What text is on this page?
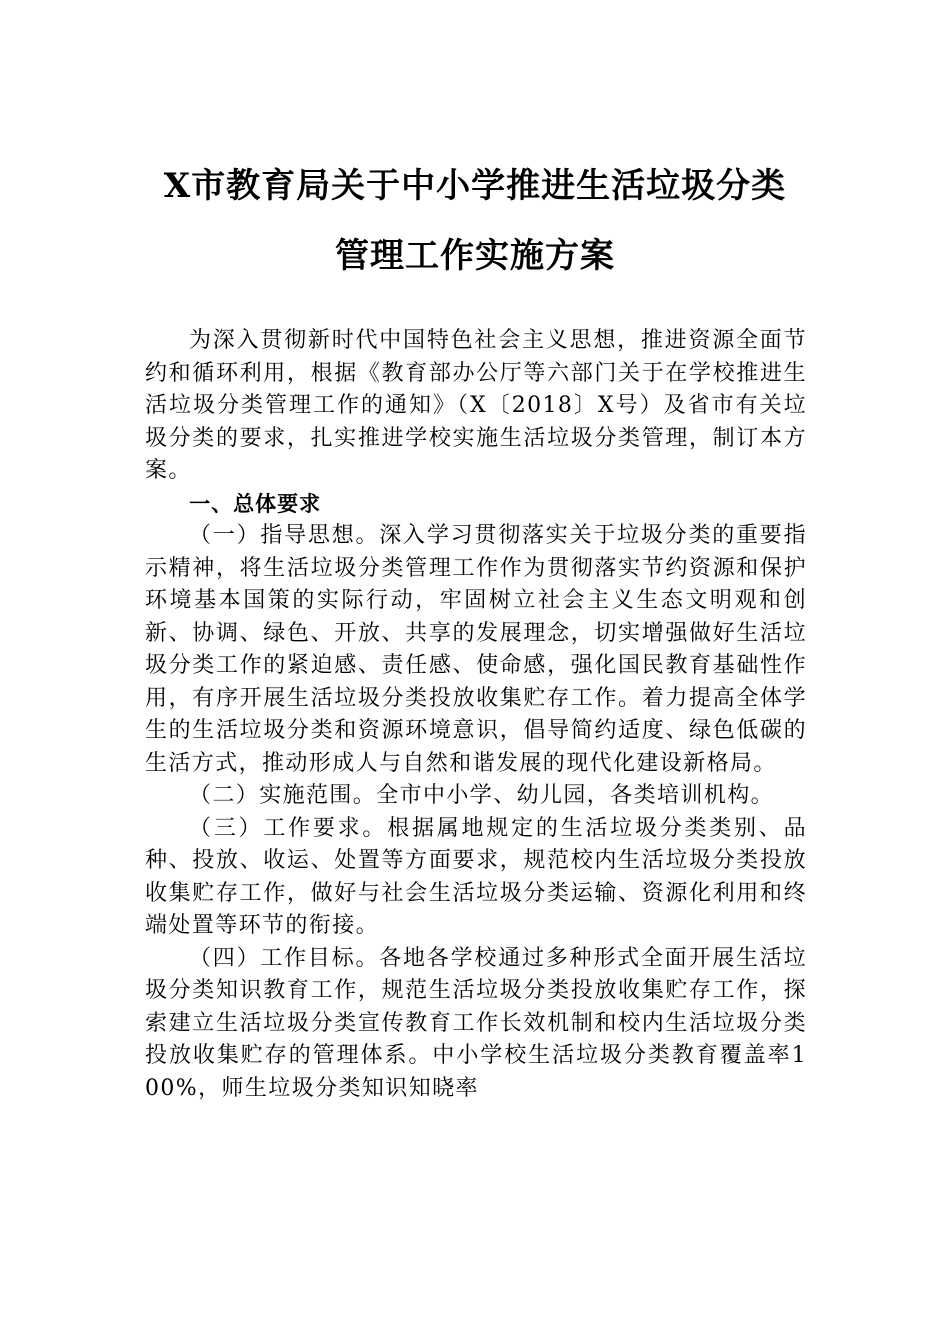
X市教育局关于中小学推进生活垃圾分类
管理工作实施方案

为深入贯彻新时代中国特色社会主义思想，推进资源全面节约和循环利用，根据《教育部办公厅等六部门关于在学校推进生活垃圾分类管理工作的通知》（X〔2018〕X号）及省市有关垃圾分类的要求，扎实推进学校实施生活垃圾分类管理，制订本方案。

一、总体要求

（一）指导思想。深入学习贯彻落实关于垃圾分类的重要指示精神，将生活垃圾分类管理工作作为贯彻落实节约资源和保护环境基本国策的实际行动，牢固树立社会主义生态文明观和创新、协调、绿色、开放、共享的发展理念，切实增强做好生活垃圾分类工作的紧迫感、责任感、使命感，强化国民教育基础性作用，有序开展生活垃圾分类投放收集贮存工作。着力提高全体学生的生活垃圾分类和资源环境意识，倡导简约适度、绿色低碳的生活方式，推动形成人与自然和谐发展的现代化建设新格局。

（二）实施范围。全市中小学、幼儿园，各类培训机构。

（三）工作要求。根据属地规定的生活垃圾分类类别、品种、投放、收运、处置等方面要求，规范校内生活垃圾分类投放收集贮存工作，做好与社会生活垃圾分类运输、资源化利用和终端处置等环节的衔接。

（四）工作目标。各地各学校通过多种形式全面开展生活垃圾分类知识教育工作，规范生活垃圾分类投放收集贮存工作，探索建立生活垃圾分类宣传教育工作长效机制和校内生活垃圾分类投放收集贮存的管理体系。中小学校生活垃圾分类教育覆盖率100%，师生垃圾分类知识知晓率
